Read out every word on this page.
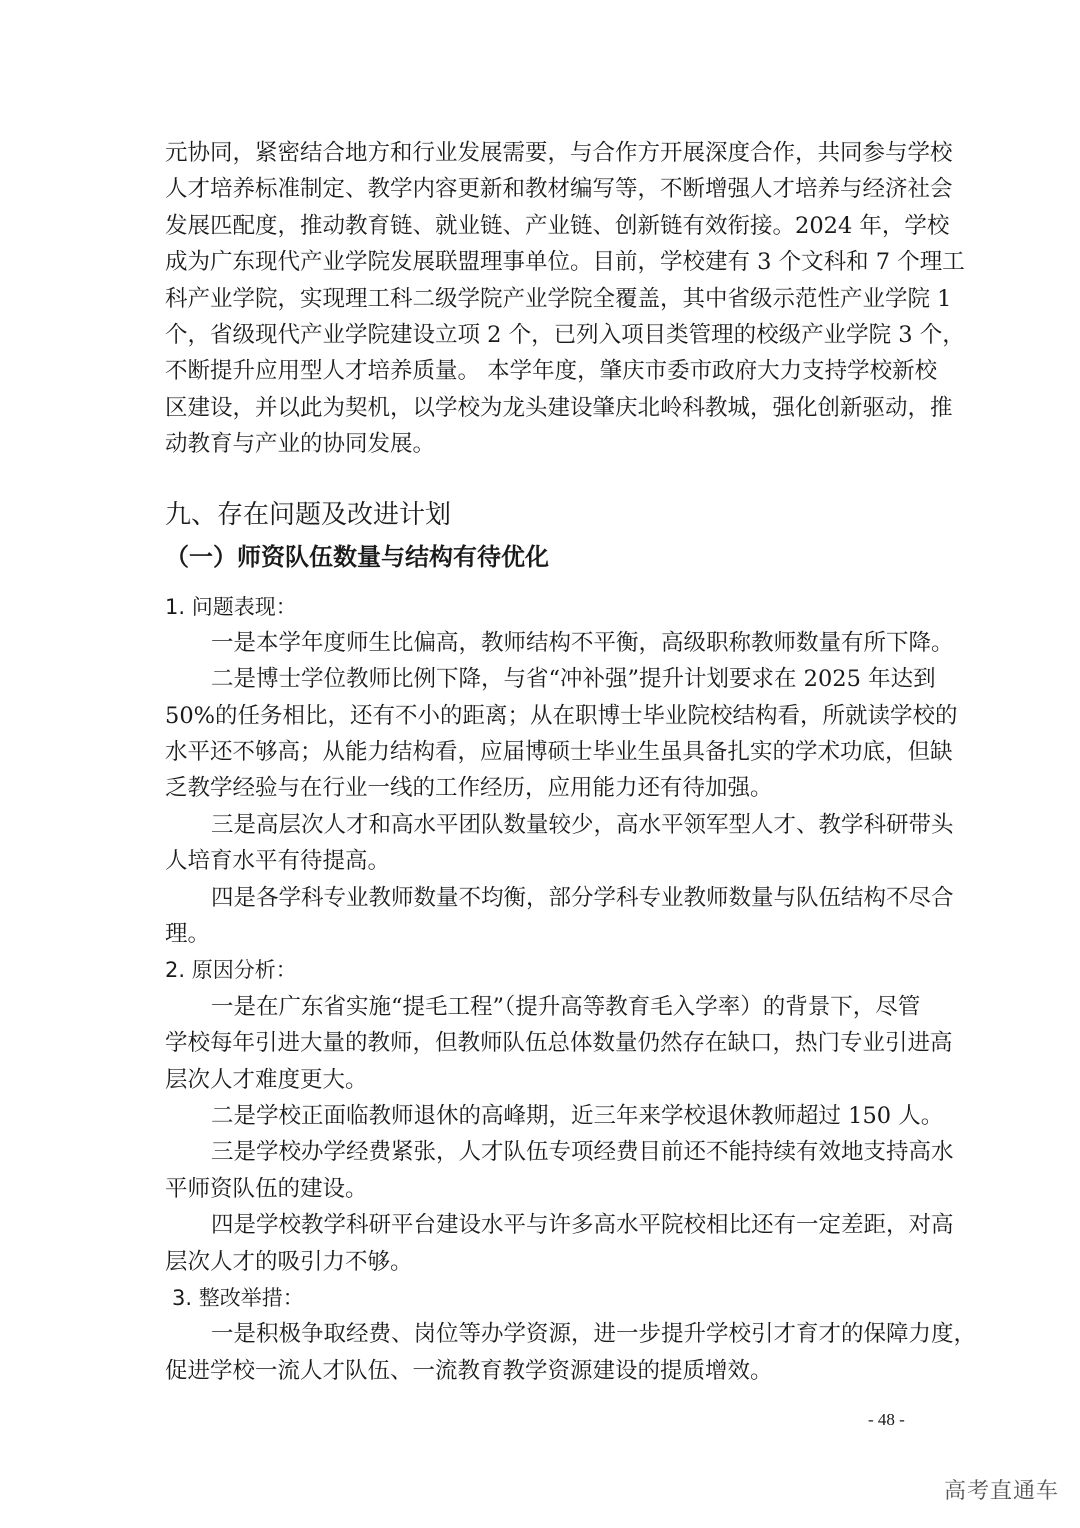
元协同，紧密结合地方和行业发展需要，与合作方开展深度合作，共同参与学校
人才培养标准制定、教学内容更新和教材编写等，不断增强人才培养与经济社会
发展匹配度，推动教育链、就业链、产业链、创新链有效衔接。2024 年，学校
成为广东现代产业学院发展联盟理事单位。目前，学校建有 3 个文科和 7 个理工
科产业学院，实现理工科二级学院产业学院全覆盖，其中省级示范性产业学院 1
个，省级现代产业学院建设立项 2 个，已列入项目类管理的校级产业学院 3 个，
不断提升应用型人才培养质量。 本学年度，肇庆市委市政府大力支持学校新校
区建设，并以此为契机，以学校为龙头建设肇庆北岭科教城，强化创新驱动，推
动教育与产业的协同发展。
九、存在问题及改进计划
（一）师资队伍数量与结构有待优化
1. 问题表现：
一是本学年度师生比偏高，教师结构不平衡，高级职称教师数量有所下降。
二是博士学位教师比例下降，与省“冲补强”提升计划要求在 2025 年达到
50%的任务相比，还有不小的距离；从在职博士毕业院校结构看，所就读学校的
水平还不够高；从能力结构看，应届博硕士毕业生虽具备扎实的学术功底，但缺
乏教学经验与在行业一线的工作经历，应用能力还有待加强。
三是高层次人才和高水平团队数量较少，高水平领军型人才、教学科研带头
人培育水平有待提高。
四是各学科专业教师数量不均衡，部分学科专业教师数量与队伍结构不尽合
理。
2. 原因分析：
一是在广东省实施“提毛工程”（提升高等教育毛入学率）的背景下，尽管
学校每年引进大量的教师，但教师队伍总体数量仍然存在缺口，热门专业引进高
层次人才难度更大。
二是学校正面临教师退休的高峰期，近三年来学校退休教师超过 150 人。
三是学校办学经费紧张，人才队伍专项经费目前还不能持续有效地支持高水
平师资队伍的建设。
四是学校教学科研平台建设水平与许多高水平院校相比还有一定差距，对高
层次人才的吸引力不够。
3. 整改举措：
一是积极争取经费、岗位等办学资源，进一步提升学校引才育才的保障力度，
促进学校一流人才队伍、一流教育教学资源建设的提质增效。
- 48 -
高考直通车
